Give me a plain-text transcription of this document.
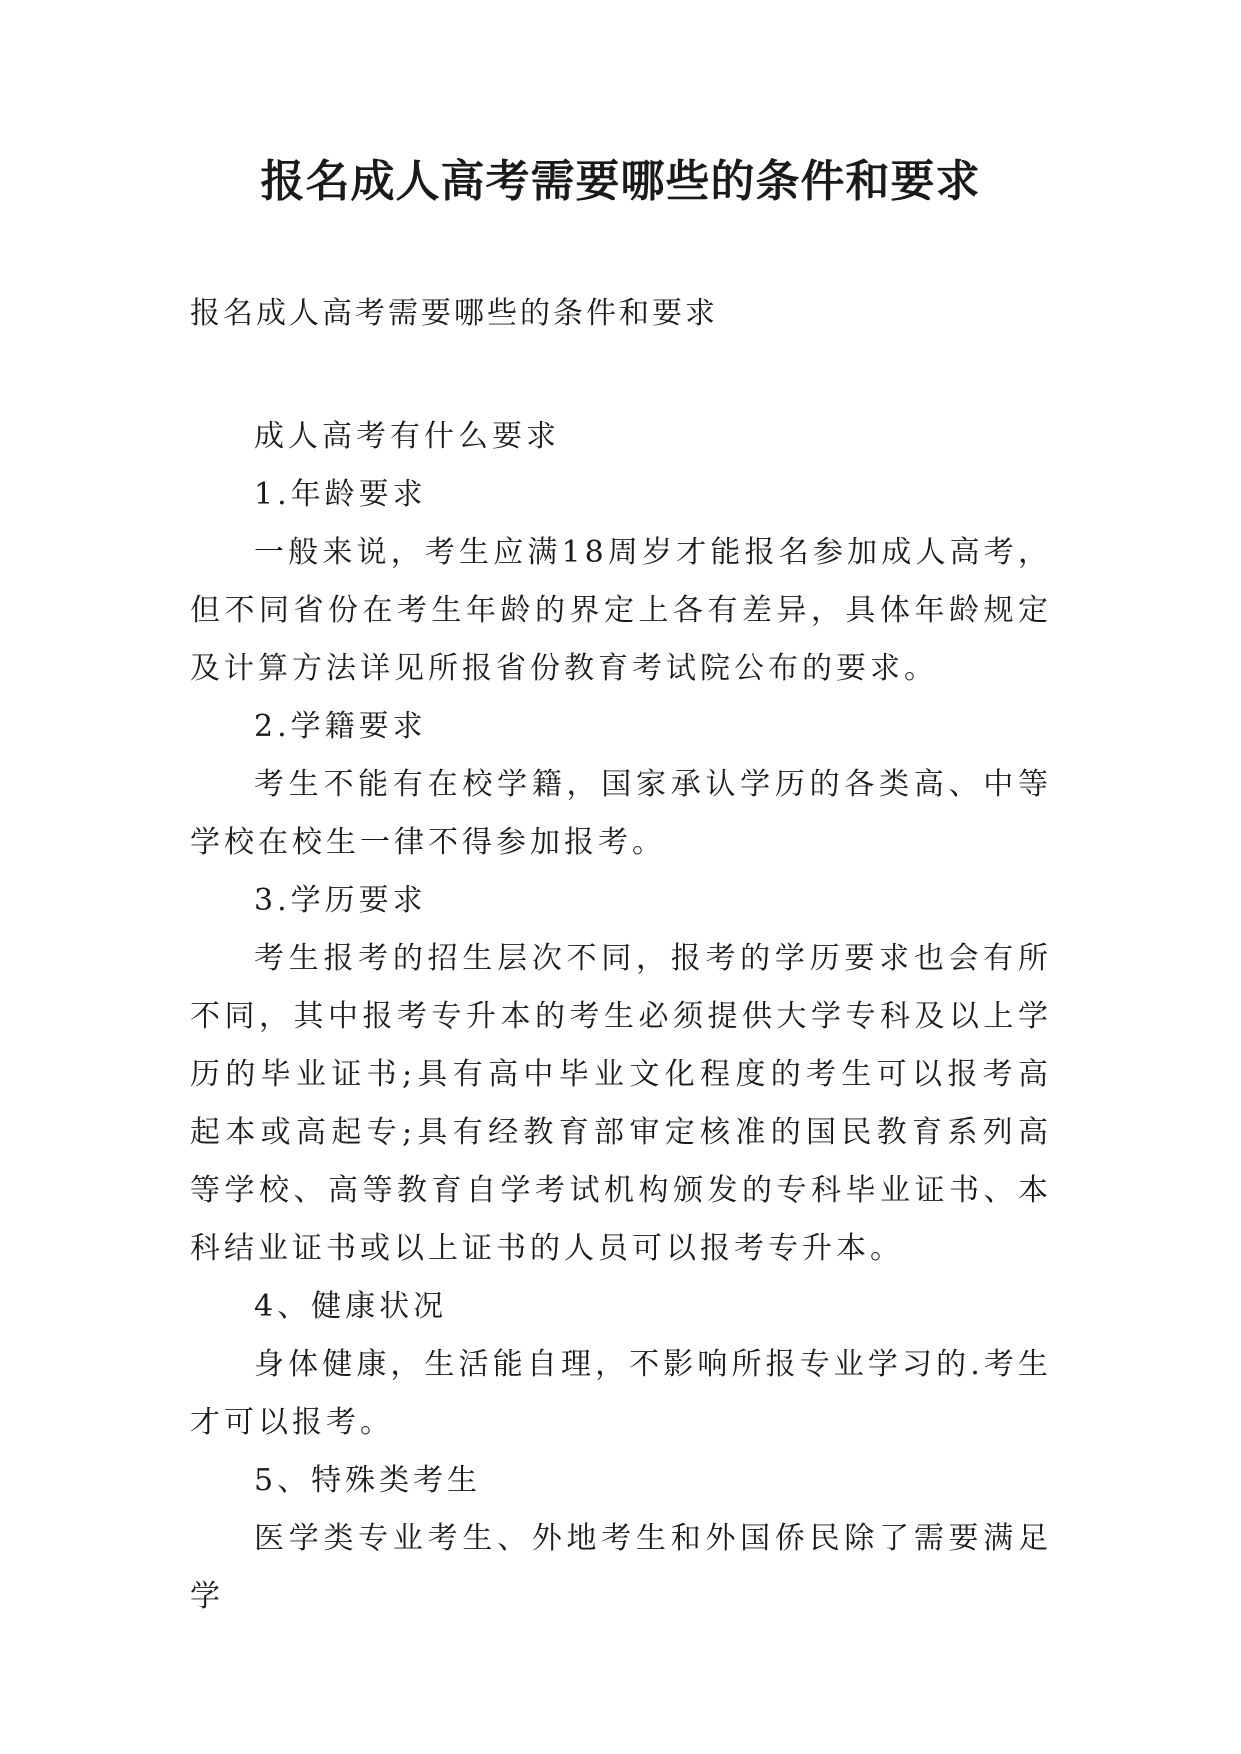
报名成人高考需要哪些的条件和要求

报名成人高考需要哪些的条件和要求

成人高考有什么要求

1.年龄要求

一般来说，考生应满18周岁才能报名参加成人高考，但不同省份在考生年龄的界定上各有差异，具体年龄规定及计算方法详见所报省份教育考试院公布的要求。

2.学籍要求

考生不能有在校学籍，国家承认学历的各类高、中等学校在校生一律不得参加报考。

3.学历要求

考生报考的招生层次不同，报考的学历要求也会有所不同，其中报考专升本的考生必须提供大学专科及以上学历的毕业证书;具有高中毕业文化程度的考生可以报考高起本或高起专;具有经教育部审定核准的国民教育系列高等学校、高等教育自学考试机构颁发的专科毕业证书、本科结业证书或以上证书的人员可以报考专升本。

4、健康状况

身体健康，生活能自理，不影响所报专业学习的.考生才可以报考。

5、特殊类考生

医学类专业考生、外地考生和外国侨民除了需要满足学
